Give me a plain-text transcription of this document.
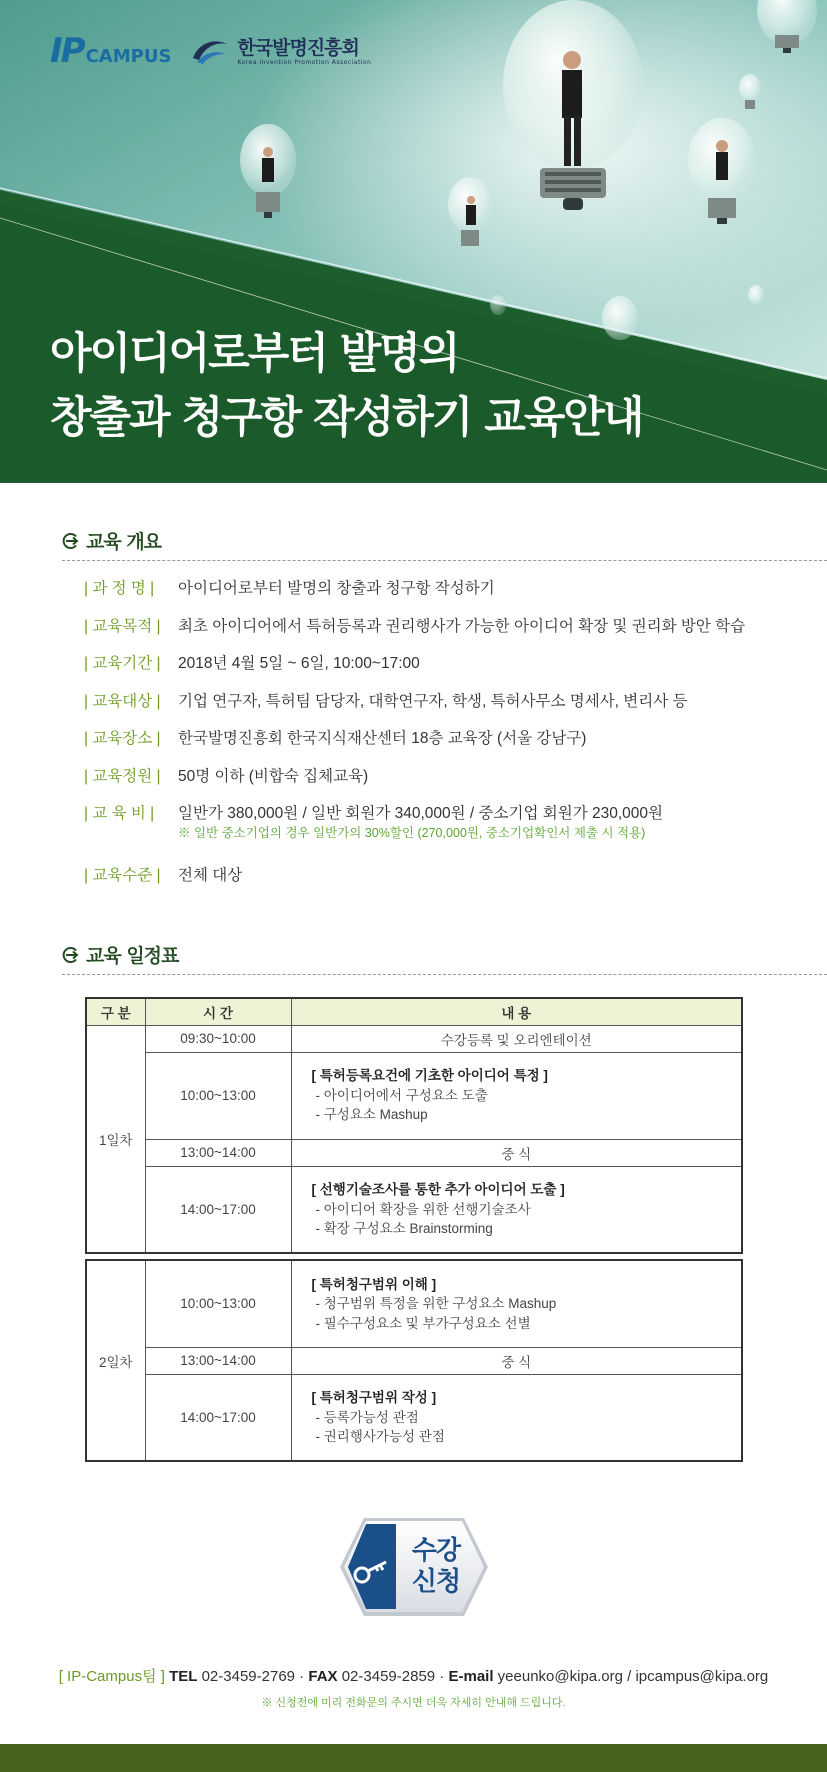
IP CAMPUS	한국발명진흥회
Korea Invention Promotion Association
아이디어로부터 발명의
창출과 청구항 작성하기 교육안내
교육 개요
| 과 정 명 |	아이디어로부터 발명의 창출과 청구항 작성하기
| 교육목적 |	최초 아이디어에서 특허등록과 권리행사가 가능한 아이디어 확장 및 권리화 방안 학습
| 교육기간 |	2018년 4월 5일 ~ 6일, 10:00~17:00
| 교육대상 |	기업 연구자, 특허팀 담당자, 대학연구자, 학생, 특허사무소 명세사, 변리사 등
| 교육장소 |	한국발명진흥회 한국지식재산센터 18층 교육장 (서울 강남구)
| 교육정원 |	50명 이하 (비합숙 집체교육)
| 교 육 비 |	일반가 380,000원 / 일반 회원가 340,000원 / 중소기업 회원가 230,000원
※ 일반 중소기업의 경우 일반가의 30%할인 (270,000원, 중소기업확인서 제출 시 적용)
| 교육수준 |	전체 대상
교육 일정표
구 분	시 간	내 용
1일차	09:30~10:00	수강등록 및 오리엔테이션
	10:00~13:00	[ 특허등록요건에 기초한 아이디어 특정 ]
- 아이디어에서 구성요소 도출
- 구성요소 Mashup

	13:00~14:00	중 식
	14:00~17:00	[ 선행기술조사를 통한 추가 아이디어 도출 ]
- 아이디어 확장을 위한 선행기술조사
- 확장 구성요소 Brainstorming
2일차	10:00~13:00	[ 특허청구범위 이해 ]
- 청구범위 특정을 위한 구성요소 Mashup
- 필수구성요소 및 부가구성요소 선별

	13:00~14:00	중 식
	14:00~17:00	[ 특허청구범위 작성 ]
- 등록가능성 관점
- 권리행사가능성 관점
수강
신청
[ IP-Campus팀 ] TEL 02-3459-2769 · FAX 02-3459-2859 · E-mail yeeunko@kipa.org / ipcampus@kipa.org
※ 신청전에 미리 전화문의 주시면 더욱 자세히 안내해 드립니다.
